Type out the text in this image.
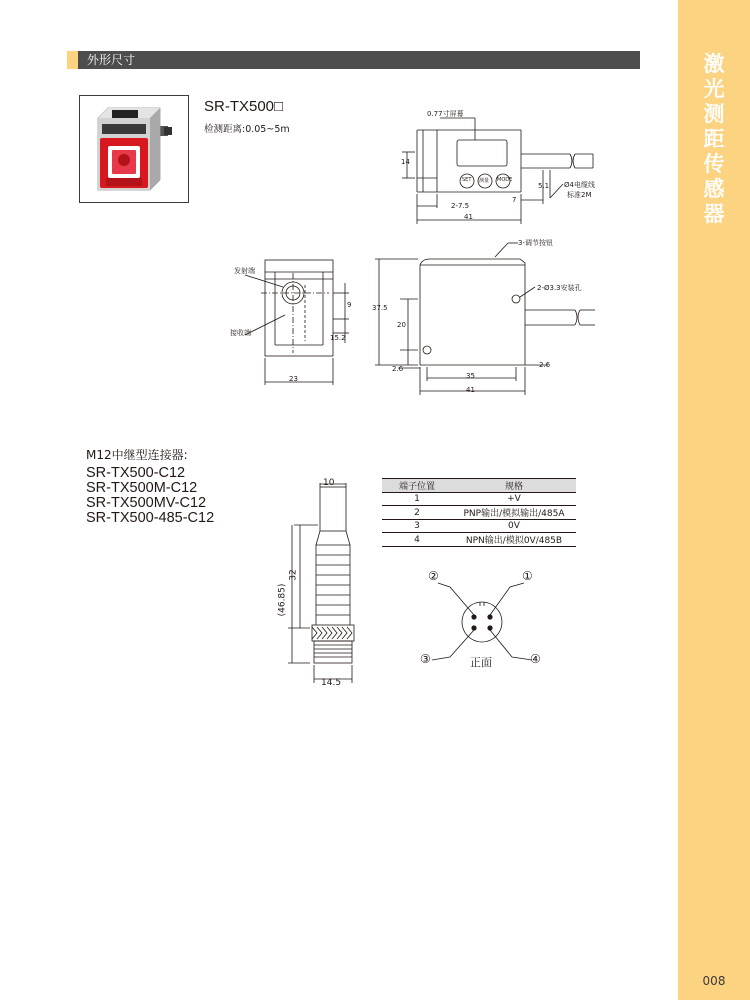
激
光
测
距
传
感
器
008
外形尺寸
SR-TX500□
检测距离:0.05~5m
0.77寸屏幕
SET 测量 MODE
14
2-7.5
7
5.1
41
Ø4电缆线
标准2M
发射端
接收端
9
15.2
23
3-调节按钮
2-Ø3.3安装孔
37.5
20
2.6
35
2.6
41
M12中继型连接器:
SR-TX500-C12
SR-TX500M-C12
SR-TX500MV-C12
SR-TX500-485-C12
10
32
(46.85)
14.5
端子位置	规格
1	+V
2	PNP输出/模拟输出/485A
3	0V
4	NPN输出/模拟0V/485B
②	①
③	④
正面
